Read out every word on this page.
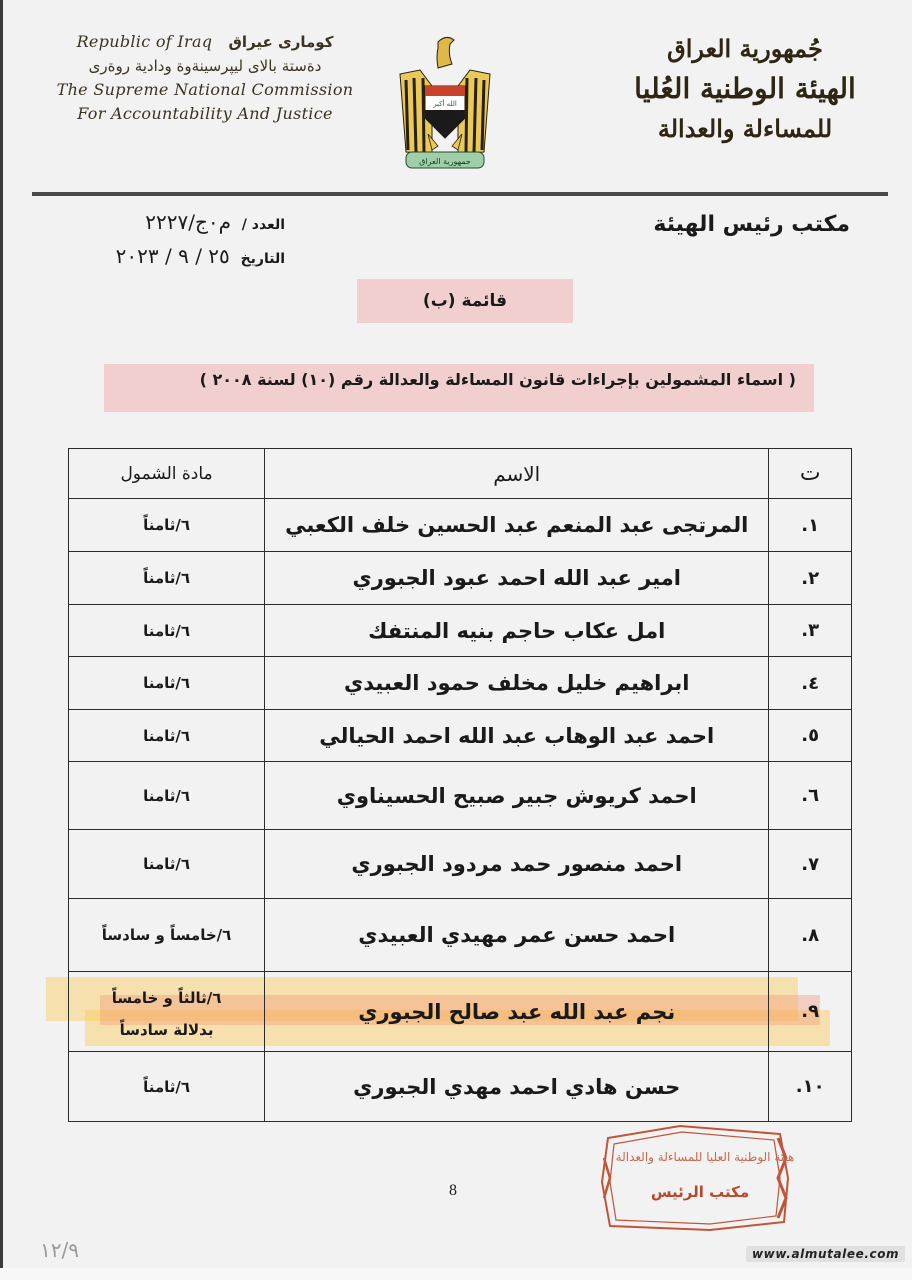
Republic of Iraq كومارى عيراق
دةستة بالاى ليپرسينةوة ودادية روةرى
The Supreme National Commission
For Accountability And Justice	الله أكبر
جمهورية العراق
جُمهورية العراق
الهيئة الوطنية العُليا
للمساءلة والعدالة
مكتب رئيس الهيئة
العدد / م٠ج/٢٢٢٧
التاريخ ٢٥ / ٩ / ٢٠٢٣
قائمة (ب)
( اسماء المشمولين بإجراءات قانون المساءلة والعدالة رقم (١٠) لسنة ٢٠٠٨ )
ت	الاسم	مادة الشمول
١.	المرتجى عبد المنعم عبد الحسين خلف الكعبي	٦/ثامناً
٢.	امير عبد الله احمد عبود الجبوري	٦/ثامناً
٣.	امل عكاب حاجم بنيه المنتفك	٦/ثامنا
٤.	ابراهيم خليل مخلف حمود العبيدي	٦/ثامنا
٥.	احمد عبد الوهاب عبد الله احمد الحيالي	٦/ثامنا
٦.	احمد كريوش جبير صبيح الحسيناوي	٦/ثامنا
٧.	احمد منصور حمد مردود الجبوري	٦/ثامنا
٨.	احمد حسن عمر مهيدي العبيدي	٦/خامساً و سادساً
٩.	نجم عبد الله عبد صالح الجبوري	٦/ثالثاً و خامساً
بدلالة سادساً

١٠.	حسن هادي احمد مهدي الجبوري	٦/ثامناً
هيئة الوطنية العليا للمساءلة والعدالة
مكتب الرئيس
8
١٢/٩	www.almutalee.com
